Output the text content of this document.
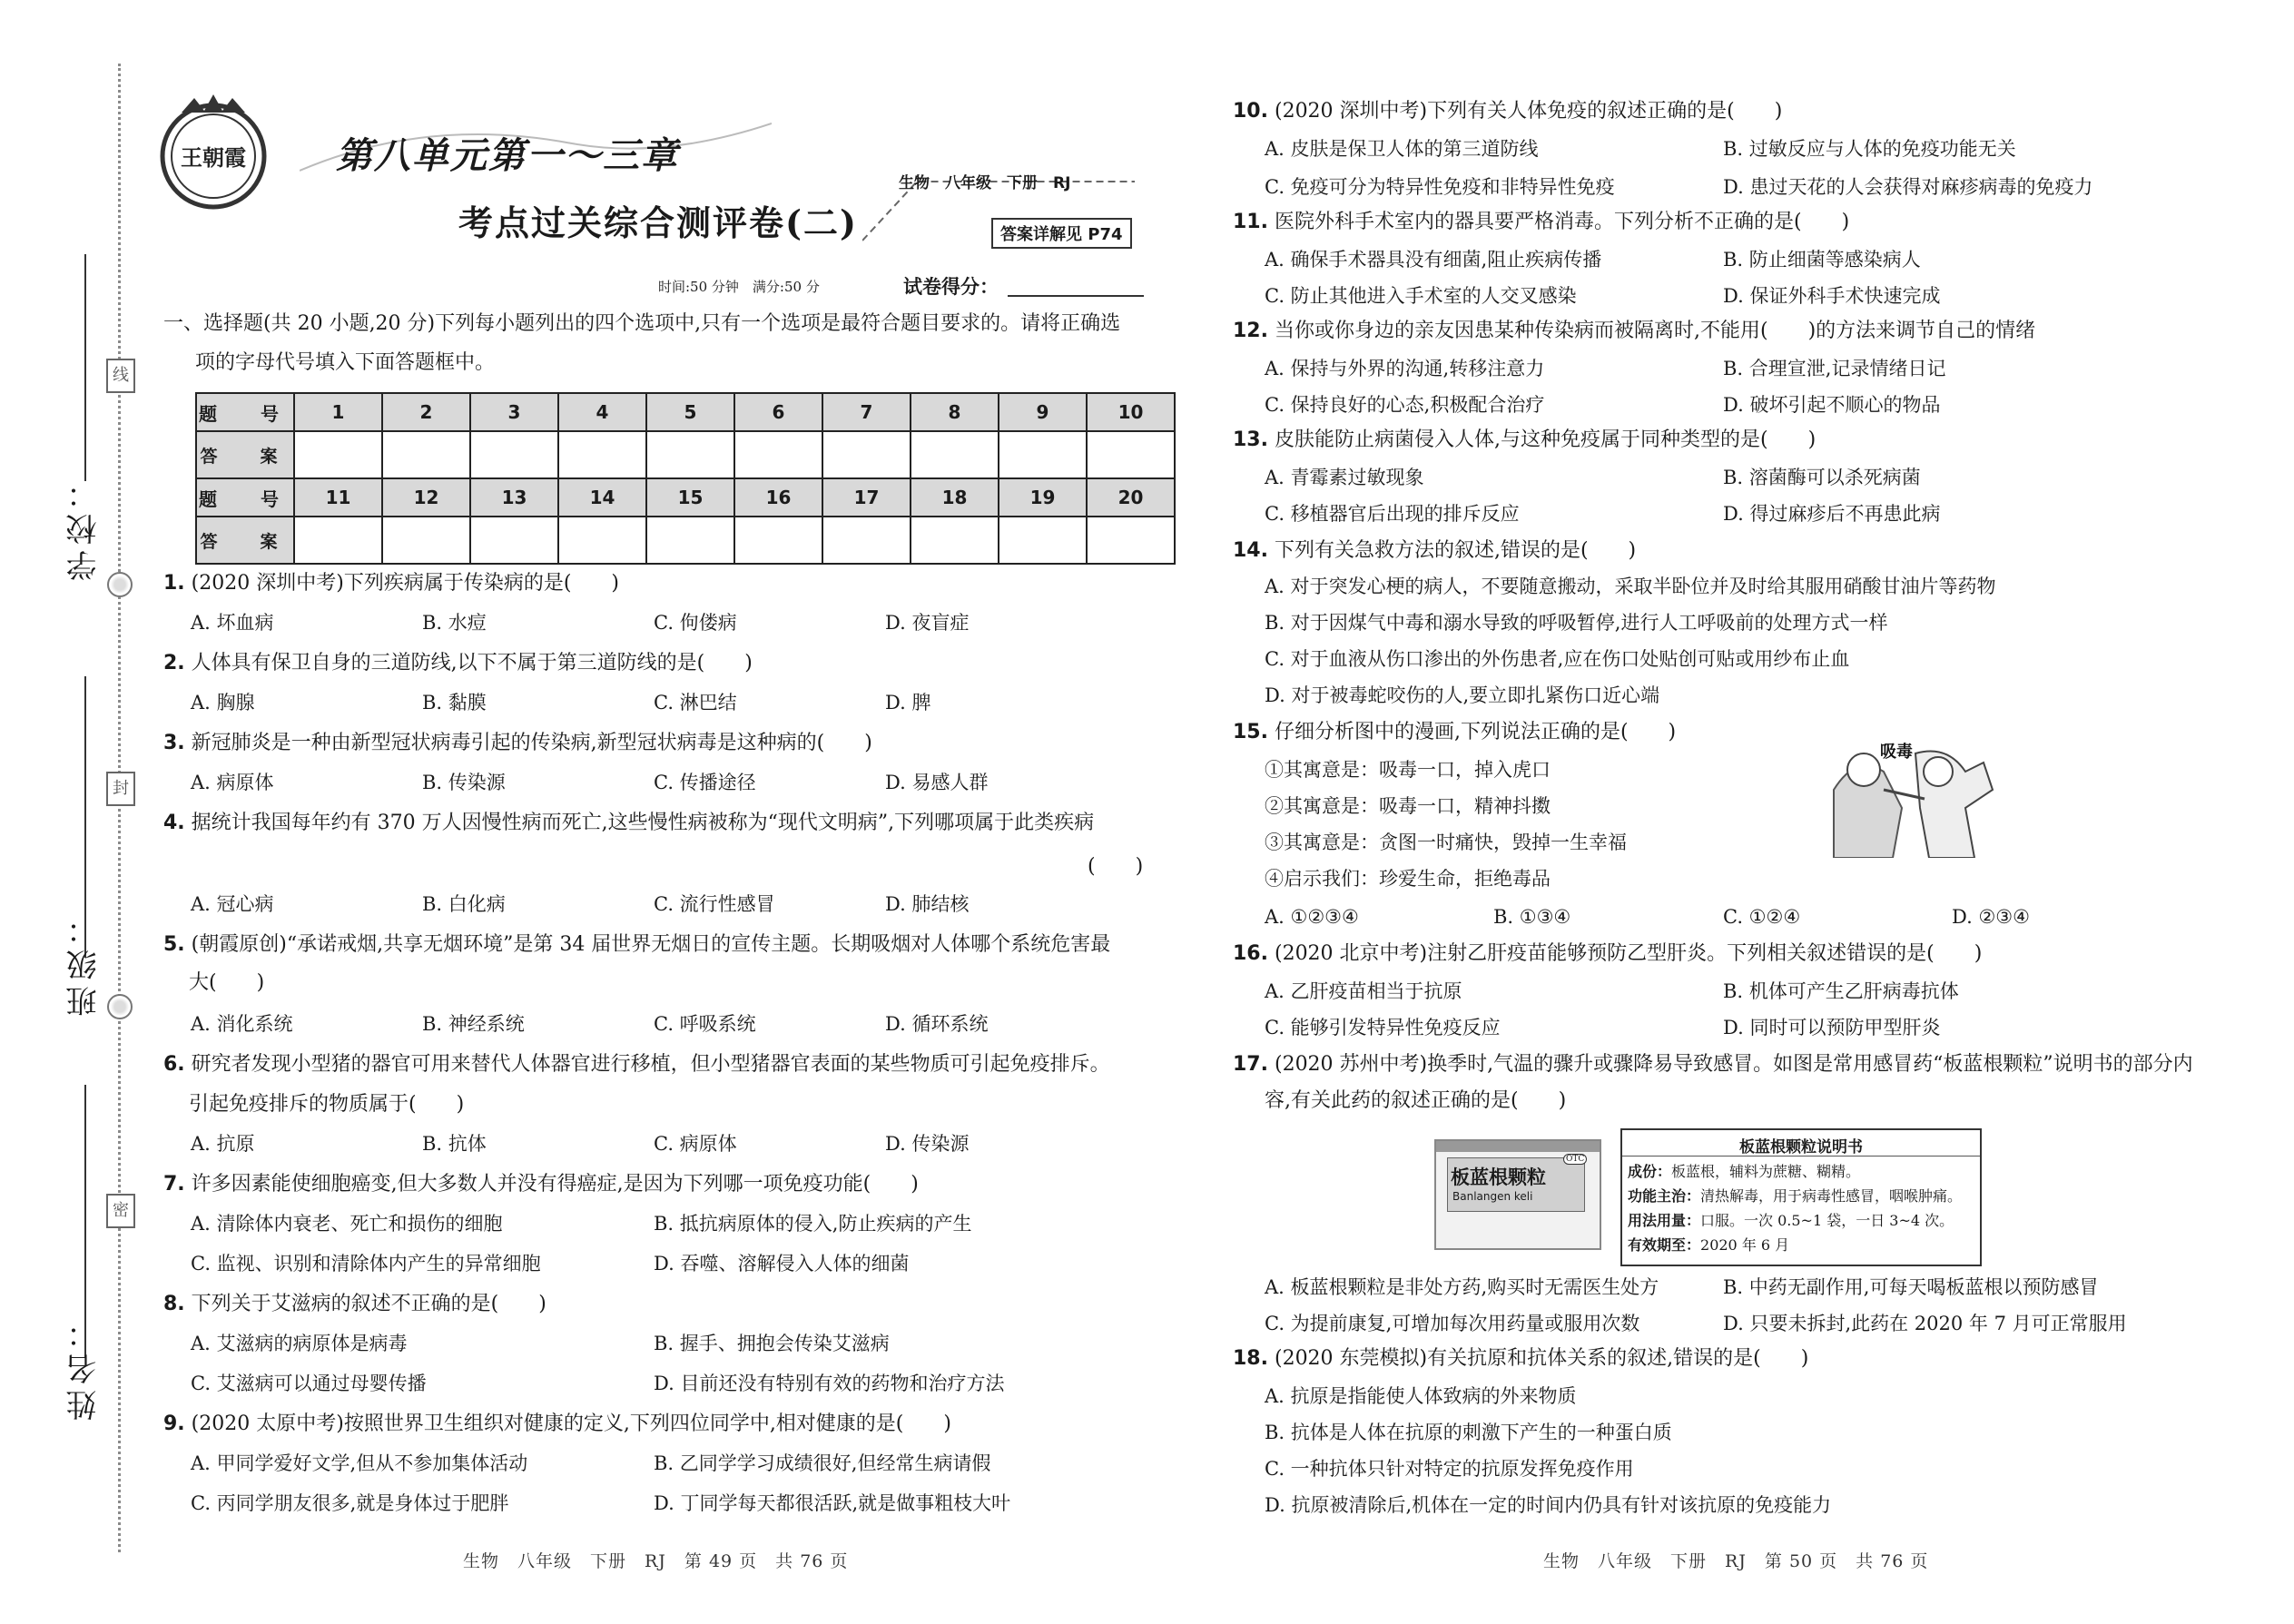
学校：
班级：
姓名：
线
封
密
王朝霞 第八单元第一～三章
考点过关综合测评卷(二)
生物　八年级　下册　RJ
答案详解见 P74
时间:50 分钟　满分:50 分	试卷得分：
一、选择题(共 20 小题,20 分)下列每小题列出的四个选项中,只有一个选项是最符合题目要求的。请将正确选
项的字母代号填入下面答题框中。
题　号	1	2	3	4	5	6	7	8	9	10
答　案										
题　号	11	12	13	14	15	16	17	18	19	20
答　案										
1. (2020 深圳中考)下列疾病属于传染病的是(　　)
A. 坏血病	B. 水痘	C. 佝偻病	D. 夜盲症
2. 人体具有保卫自身的三道防线,以下不属于第三道防线的是(　　)
A. 胸腺	B. 黏膜	C. 淋巴结	D. 脾
3. 新冠肺炎是一种由新型冠状病毒引起的传染病,新型冠状病毒是这种病的(　　)
A. 病原体	B. 传染源	C. 传播途径	D. 易感人群
4. 据统计我国每年约有 370 万人因慢性病而死亡,这些慢性病被称为“现代文明病”,下列哪项属于此类疾病
(　　)
A. 冠心病	B. 白化病	C. 流行性感冒	D. 肺结核
5. (朝霞原创)“承诺戒烟,共享无烟环境”是第 34 届世界无烟日的宣传主题。长期吸烟对人体哪个系统危害最
大(　　)
A. 消化系统	B. 神经系统	C. 呼吸系统	D. 循环系统
6. 研究者发现小型猪的器官可用来替代人体器官进行移植，但小型猪器官表面的某些物质可引起免疫排斥。
引起免疫排斥的物质属于(　　)
A. 抗原	B. 抗体	C. 病原体	D. 传染源
7. 许多因素能使细胞癌变,但大多数人并没有得癌症,是因为下列哪一项免疫功能(　　)
A. 清除体内衰老、死亡和损伤的细胞	B. 抵抗病原体的侵入,防止疾病的产生
C. 监视、识别和清除体内产生的异常细胞	D. 吞噬、溶解侵入人体的细菌
8. 下列关于艾滋病的叙述不正确的是(　　)
A. 艾滋病的病原体是病毒	B. 握手、拥抱会传染艾滋病
C. 艾滋病可以通过母婴传播	D. 目前还没有特别有效的药物和治疗方法
9. (2020 太原中考)按照世界卫生组织对健康的定义,下列四位同学中,相对健康的是(　　)
A. 甲同学爱好文学,但从不参加集体活动	B. 乙同学学习成绩很好,但经常生病请假
C. 丙同学朋友很多,就是身体过于肥胖	D. 丁同学每天都很活跃,就是做事粗枝大叶
生物　八年级　下册　RJ　第 49 页　共 76 页
10. (2020 深圳中考)下列有关人体免疫的叙述正确的是(　　)
A. 皮肤是保卫人体的第三道防线	B. 过敏反应与人体的免疫功能无关
C. 免疫可分为特异性免疫和非特异性免疫	D. 患过天花的人会获得对麻疹病毒的免疫力
11. 医院外科手术室内的器具要严格消毒。下列分析不正确的是(　　)
A. 确保手术器具没有细菌,阻止疾病传播	B. 防止细菌等感染病人
C. 防止其他进入手术室的人交叉感染	D. 保证外科手术快速完成
12. 当你或你身边的亲友因患某种传染病而被隔离时,不能用(　　)的方法来调节自己的情绪
A. 保持与外界的沟通,转移注意力	B. 合理宣泄,记录情绪日记
C. 保持良好的心态,积极配合治疗	D. 破坏引起不顺心的物品
13. 皮肤能防止病菌侵入人体,与这种免疫属于同种类型的是(　　)
A. 青霉素过敏现象	B. 溶菌酶可以杀死病菌
C. 移植器官后出现的排斥反应	D. 得过麻疹后不再患此病
14. 下列有关急救方法的叙述,错误的是(　　)
A. 对于突发心梗的病人，不要随意搬动，采取半卧位并及时给其服用硝酸甘油片等药物
B. 对于因煤气中毒和溺水导致的呼吸暂停,进行人工呼吸前的处理方式一样
C. 对于血液从伤口渗出的外伤患者,应在伤口处贴创可贴或用纱布止血
D. 对于被毒蛇咬伤的人,要立即扎紧伤口近心端
15. 仔细分析图中的漫画,下列说法正确的是(　　)
①其寓意是：吸毒一口，掉入虎口
②其寓意是：吸毒一口，精神抖擞
③其寓意是：贪图一时痛快，毁掉一生幸福
④启示我们：珍爱生命，拒绝毒品
A. ①②③④	B. ①③④	C. ①②④	D. ②③④
吸毒
16. (2020 北京中考)注射乙肝疫苗能够预防乙型肝炎。下列相关叙述错误的是(　　)
A. 乙肝疫苗相当于抗原	B. 机体可产生乙肝病毒抗体
C. 能够引发特异性免疫反应	D. 同时可以预防甲型肝炎
17. (2020 苏州中考)换季时,气温的骤升或骤降易导致感冒。如图是常用感冒药“板蓝根颗粒”说明书的部分内
容,有关此药的叙述正确的是(　　)
板蓝根颗粒
Banlangen keli
OTC
板蓝根颗粒说明书
成份：板蓝根，辅料为蔗糖、糊精。
功能主治：清热解毒，用于病毒性感冒，咽喉肿痛。
用法用量：口服。一次 0.5~1 袋，一日 3~4 次。
有效期至：2020 年 6 月
A. 板蓝根颗粒是非处方药,购买时无需医生处方	B. 中药无副作用,可每天喝板蓝根以预防感冒
C. 为提前康复,可增加每次用药量或服用次数	D. 只要未拆封,此药在 2020 年 7 月可正常服用
18. (2020 东莞模拟)有关抗原和抗体关系的叙述,错误的是(　　)
A. 抗原是指能使人体致病的外来物质
B. 抗体是人体在抗原的刺激下产生的一种蛋白质
C. 一种抗体只针对特定的抗原发挥免疫作用
D. 抗原被清除后,机体在一定的时间内仍具有针对该抗原的免疫能力
生物　八年级　下册　RJ　第 50 页　共 76 页
